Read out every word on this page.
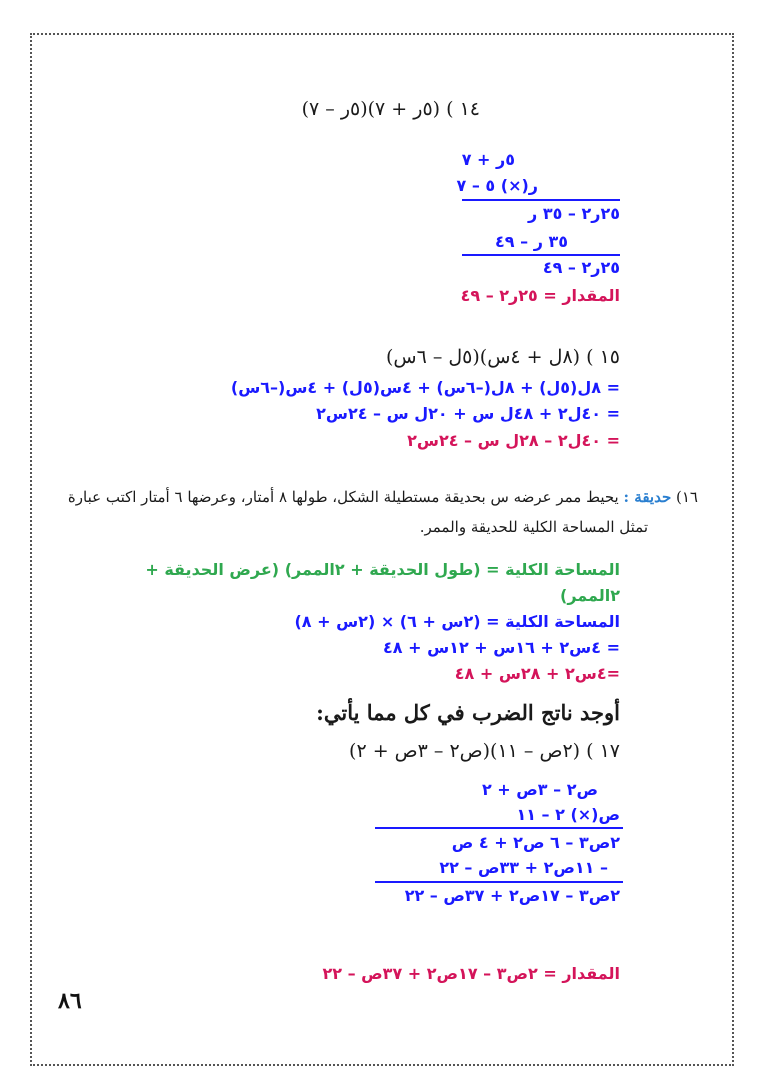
١٤ ) (٥ر + ٧)(٥ر – ٧)
٥ر + ٧
ر(×) ٥ – ٧
٢٥ر٢ – ٣٥ ر
٣٥ ر – ٤٩
٢٥ر٢ – ٤٩
المقدار = ٢٥ر٢ – ٤٩
١٥ ) (٨ل + ٤س)(٥ل – ٦س)
= ٨ل(٥ل) + ٨ل(–٦س) + ٤س(٥ل) + ٤س(–٦س)
= ٤٠ل٢ + ٤٨ل س + ٢٠ل س – ٢٤س٢
= ٤٠ل٢ – ٢٨ل س – ٢٤س٢
١٦) حديقة : يحيط ممر عرضه س بحديقة مستطيلة الشكل، طولها ٨ أمتار، وعرضها ٦ أمتار اكتب عبارة
تمثل المساحة الكلية للحديقة والممر.
المساحة الكلية = (طول الحديقة + ٢الممر) (عرض الحديقة +
٢الممر)
المساحة الكلية = (٢س + ٦) × (٢س + ٨)
= ٤س٢ + ١٦س + ١٢س + ٤٨
=٤س٢ + ٢٨س + ٤٨
أوجد ناتج الضرب في كل مما يأتي:
١٧ ) (٢ص – ١١)(ص٢ – ٣ص + ٢)
ص٢ – ٣ص + ٢
ص(×) ٢ – ١١
٢ص٣ – ٦ ص٢ + ٤ ص
– ١١ص٢ + ٣٣ص – ٢٢
٢ص٣ – ١٧ص٢ + ٣٧ص – ٢٢
المقدار = ٢ص٣ – ١٧ص٢ + ٣٧ص – ٢٢
٨٦
